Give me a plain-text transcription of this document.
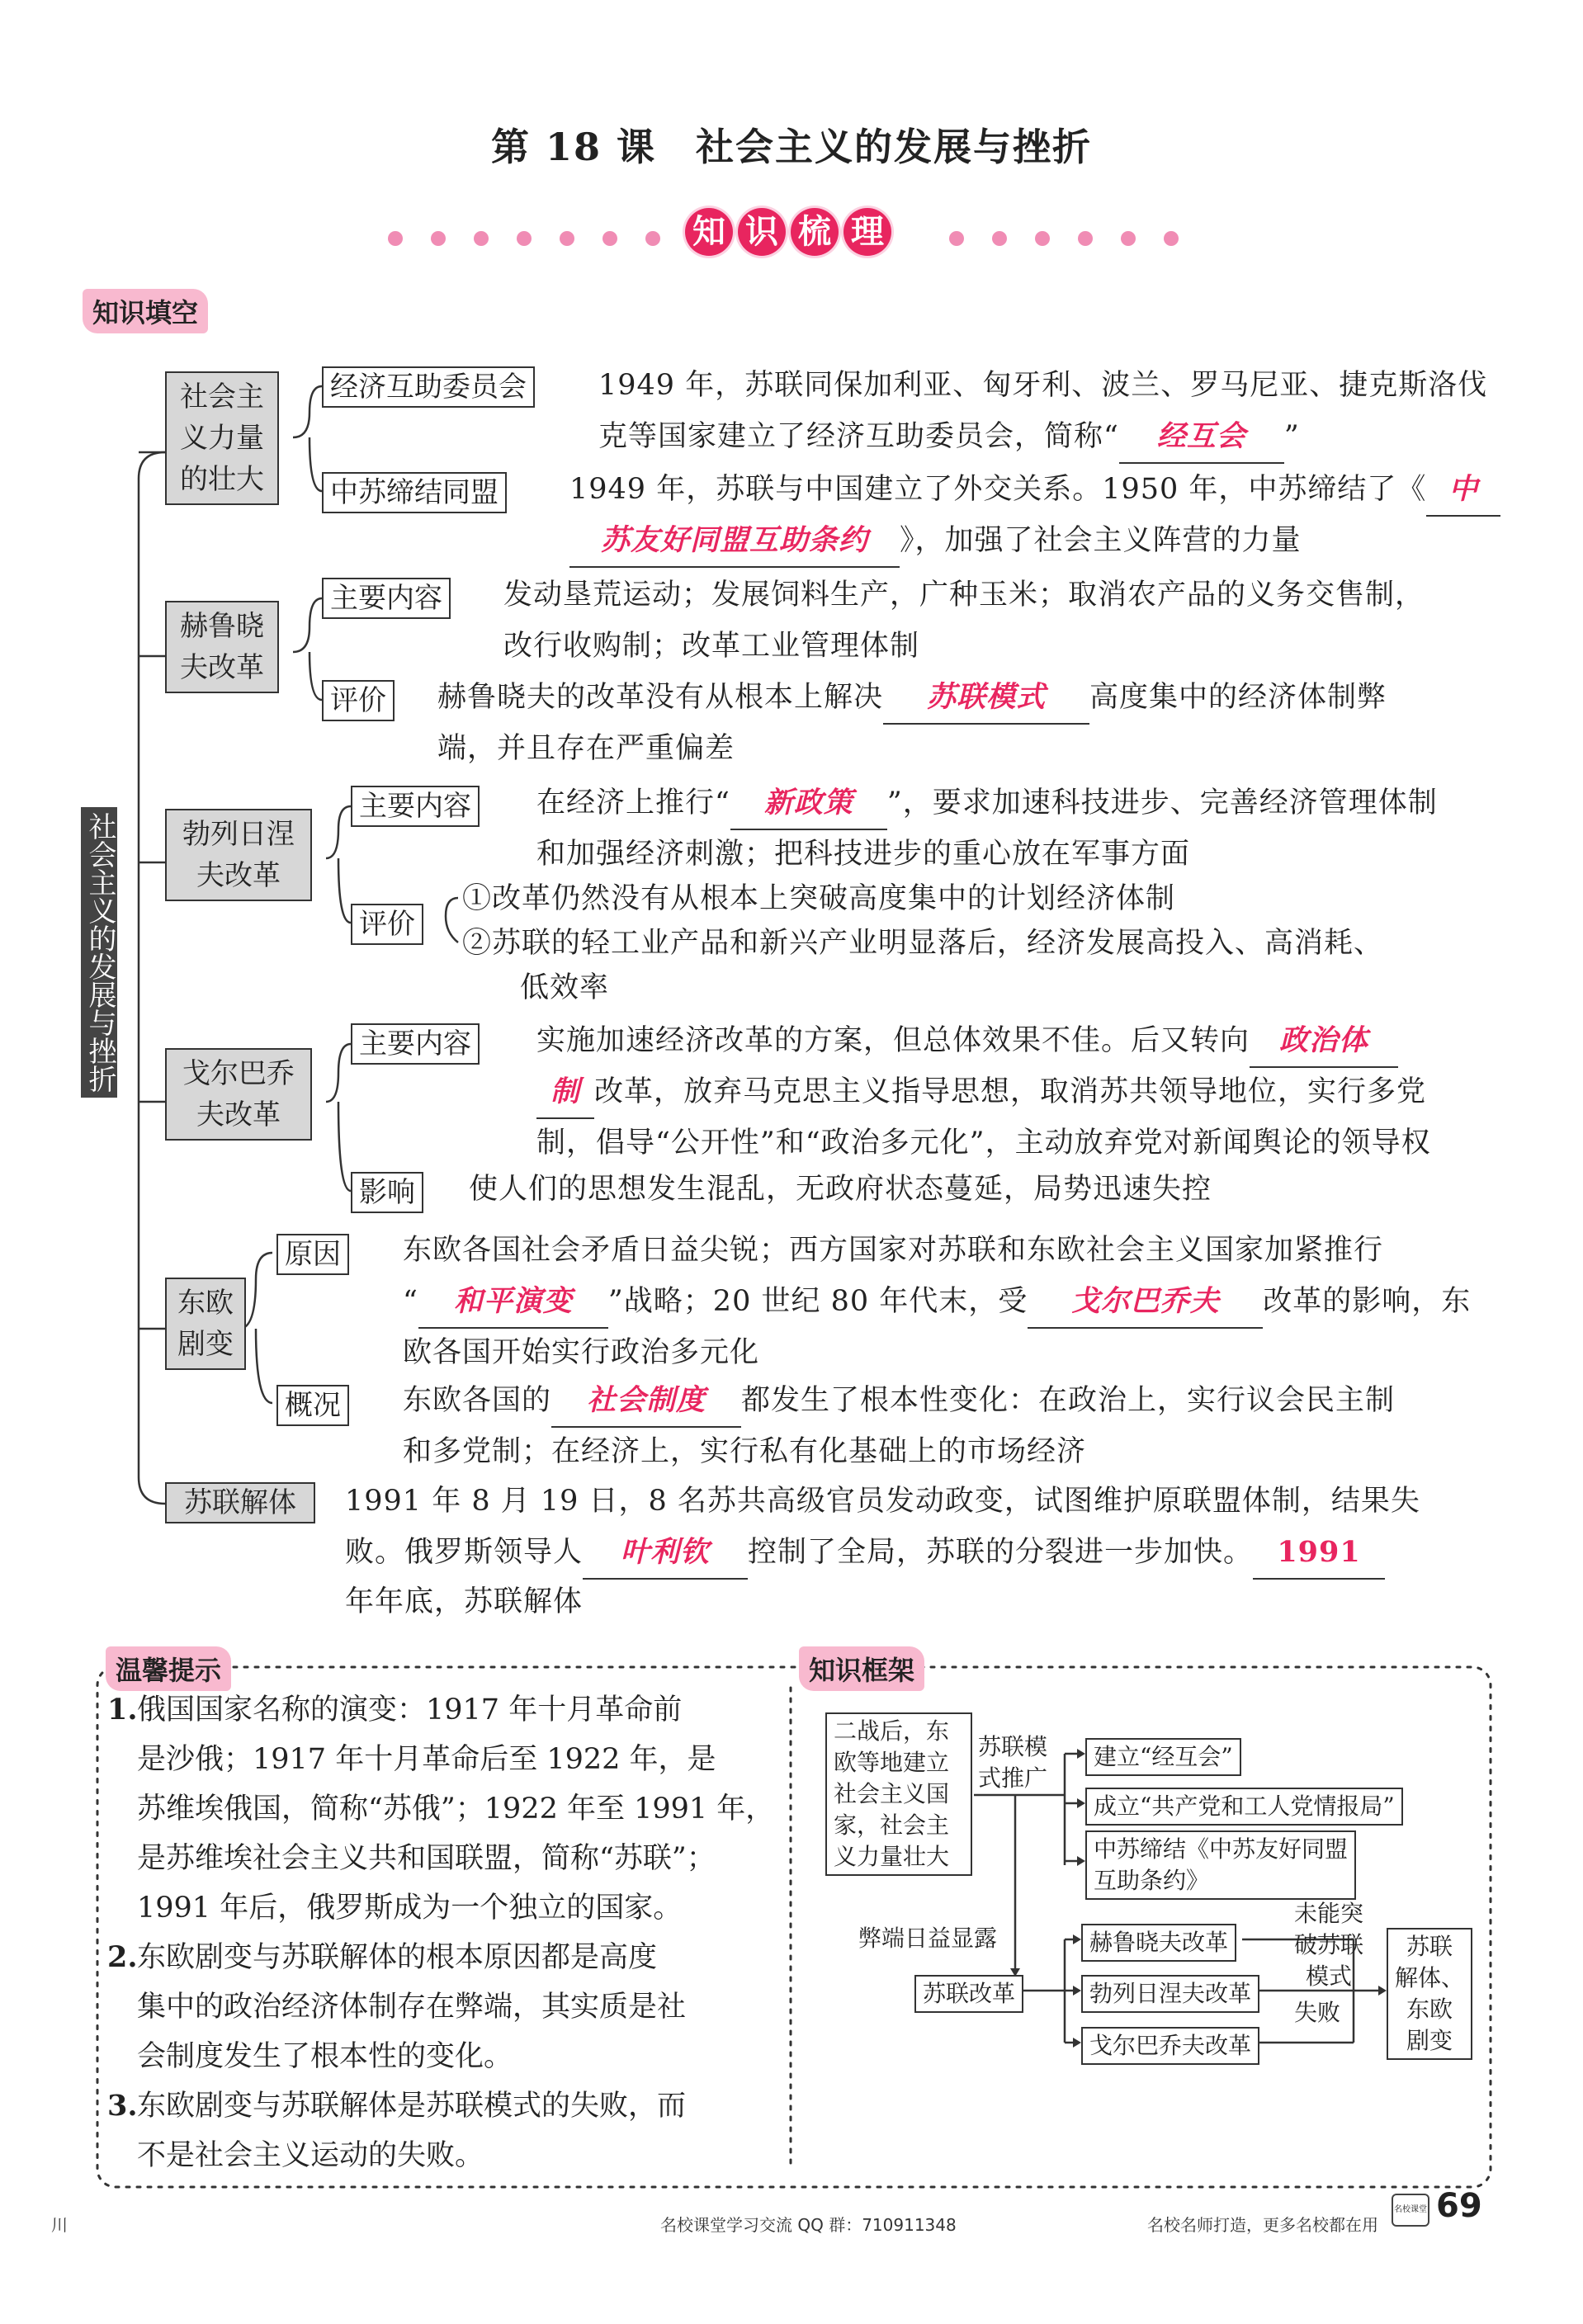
第 18 课　社会主义的发展与挫折
知 识 梳 理
知识填空
社会主义的发展与挫折
社会主义力量的壮大
经济互助委员会 1949 年，苏联同保加利亚、匈牙利、波兰、罗马尼亚、捷克斯洛伐
克等国家建立了经济互助委员会，简称“ 经互会 ”
中苏缔结同盟 1949 年，苏联与中国建立了外交关系。1950 年，中苏缔结了《 中
苏友好同盟互助条约 》，加强了社会主义阵营的力量
赫鲁晓夫改革
主要内容 发动垦荒运动；发展饲料生产，广种玉米；取消农产品的义务交售制，
改行收购制；改革工业管理体制
评价 赫鲁晓夫的改革没有从根本上解决 苏联模式 高度集中的经济体制弊
端，并且存在严重偏差
勃列日涅夫改革
主要内容 在经济上推行“ 新政策 ”，要求加速科技进步、完善经济管理体制
和加强经济刺激；把科技进步的重心放在军事方面
评价
①改革仍然没有从根本上突破高度集中的计划经济体制
②苏联的轻工业产品和新兴产业明显落后，经济发展高投入、高消耗、
低效率
戈尔巴乔夫改革
主要内容 实施加速经济改革的方案，但总体效果不佳。后又转向 政治体
制 改革，放弃马克思主义指导思想，取消苏共领导地位，实行多党
制，倡导“公开性”和“政治多元化”，主动放弃党对新闻舆论的领导权
影响 使人们的思想发生混乱，无政府状态蔓延，局势迅速失控
东欧剧变
原因 东欧各国社会矛盾日益尖锐；西方国家对苏联和东欧社会主义国家加紧推行
“ 和平演变 ”战略；20 世纪 80 年代末，受 戈尔巴乔夫 改革的影响，东
欧各国开始实行政治多元化
概况 东欧各国的 社会制度 都发生了根本性变化：在政治上，实行议会民主制
和多党制；在经济上，实行私有化基础上的市场经济
苏联解体	1991 年 8 月 19 日，8 名苏共高级官员发动政变，试图维护原联盟体制，结果失
败。俄罗斯领导人 叶利钦 控制了全局，苏联的分裂进一步加快。 1991
年年底，苏联解体
温馨提示	知识框架
1.俄国国家名称的演变：1917 年十月革命前
是沙俄；1917 年十月革命后至 1922 年，是
苏维埃俄国，简称“苏俄”；1922 年至 1991 年，
是苏维埃社会主义共和国联盟，简称“苏联”；
1991 年后，俄罗斯成为一个独立的国家。
2.东欧剧变与苏联解体的根本原因都是高度
集中的政治经济体制存在弊端，其实质是社
会制度发生了根本性的变化。
3.东欧剧变与苏联解体是苏联模式的失败，而
不是社会主义运动的失败。
二战后，东
欧等地建立
社会主义国
家，社会主
义力量壮大
苏联模
式推广
建立“经互会”
成立“共产党和工人党情报局”
中苏缔结《中苏友好同盟
互助条约》
弊端日益显露
苏联改革
赫鲁晓夫改革
勃列日涅夫改革
戈尔巴乔夫改革
未能突
破苏联
模式
失败
苏联
解体、
东欧
剧变
川	名校课堂学习交流 QQ 群：710911348	名校名师打造，更多名校都在用
名校课堂 69
